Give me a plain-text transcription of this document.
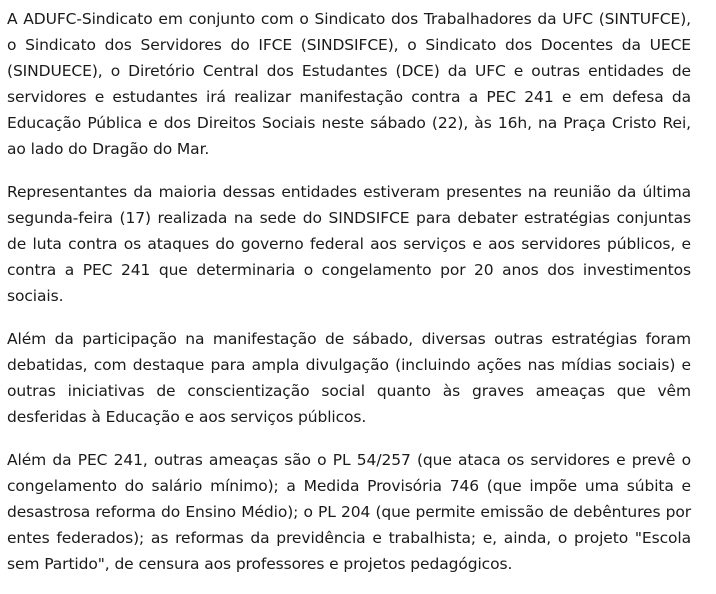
A ADUFC-Sindicato em conjunto com o Sindicato dos Trabalhadores da UFC (SINTUFCE), o Sindicato dos Servidores do IFCE (SINDSIFCE), o Sindicato dos Docentes da UECE (SINDUECE), o Diretório Central dos Estudantes (DCE) da UFC e outras entidades de servidores e estudantes irá realizar manifestação contra a PEC 241 e em defesa da Educação Pública e dos Direitos Sociais neste sábado (22), às 16h, na Praça Cristo Rei, ao lado do Dragão do Mar.

Representantes da maioria dessas entidades estiveram presentes na reunião da última segunda-feira (17) realizada na sede do SINDSIFCE para debater estratégias conjuntas de luta contra os ataques do governo federal aos serviços e aos servidores públicos, e contra a PEC 241 que determinaria o congelamento por 20 anos dos investimentos sociais.

Além da participação na manifestação de sábado, diversas outras estratégias foram debatidas, com destaque para ampla divulgação (incluindo ações nas mídias sociais) e outras iniciativas de conscientização social quanto às graves ameaças que vêm desferidas à Educação e aos serviços públicos.

Além da PEC 241, outras ameaças são o PL 54/257 (que ataca os servidores e prevê o congelamento do salário mínimo); a Medida Provisória 746 (que impõe uma súbita e desastrosa reforma do Ensino Médio); o PL 204 (que permite emissão de debêntures por entes federados); as reformas da previdência e trabalhista; e, ainda, o projeto "Escola sem Partido", de censura aos professores e projetos pedagógicos.
